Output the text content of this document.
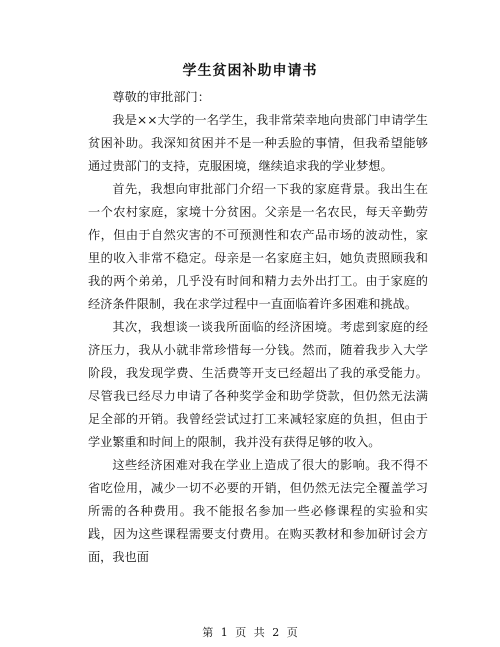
学生贫困补助申请书

尊敬的审批部门：

我是××大学的一名学生，我非常荣幸地向贵部门申请学生贫困补助。我深知贫困并不是一种丢脸的事情，但我希望能够通过贵部门的支持，克服困境，继续追求我的学业梦想。

首先，我想向审批部门介绍一下我的家庭背景。我出生在一个农村家庭，家境十分贫困。父亲是一名农民，每天辛勤劳作，但由于自然灾害的不可预测性和农产品市场的波动性，家里的收入非常不稳定。母亲是一名家庭主妇，她负责照顾我和我的两个弟弟，几乎没有时间和精力去外出打工。由于家庭的经济条件限制，我在求学过程中一直面临着许多困难和挑战。

其次，我想谈一谈我所面临的经济困境。考虑到家庭的经济压力，我从小就非常珍惜每一分钱。然而，随着我步入大学阶段，我发现学费、生活费等开支已经超出了我的承受能力。尽管我已经尽力申请了各种奖学金和助学贷款，但仍然无法满足全部的开销。我曾经尝试过打工来减轻家庭的负担，但由于学业繁重和时间上的限制，我并没有获得足够的收入。

这些经济困难对我在学业上造成了很大的影响。我不得不省吃俭用，减少一切不必要的开销，但仍然无法完全覆盖学习所需的各种费用。我不能报名参加一些必修课程的实验和实践，因为这些课程需要支付费用。在购买教材和参加研讨会方面，我也面

第 1 页 共 2 页
